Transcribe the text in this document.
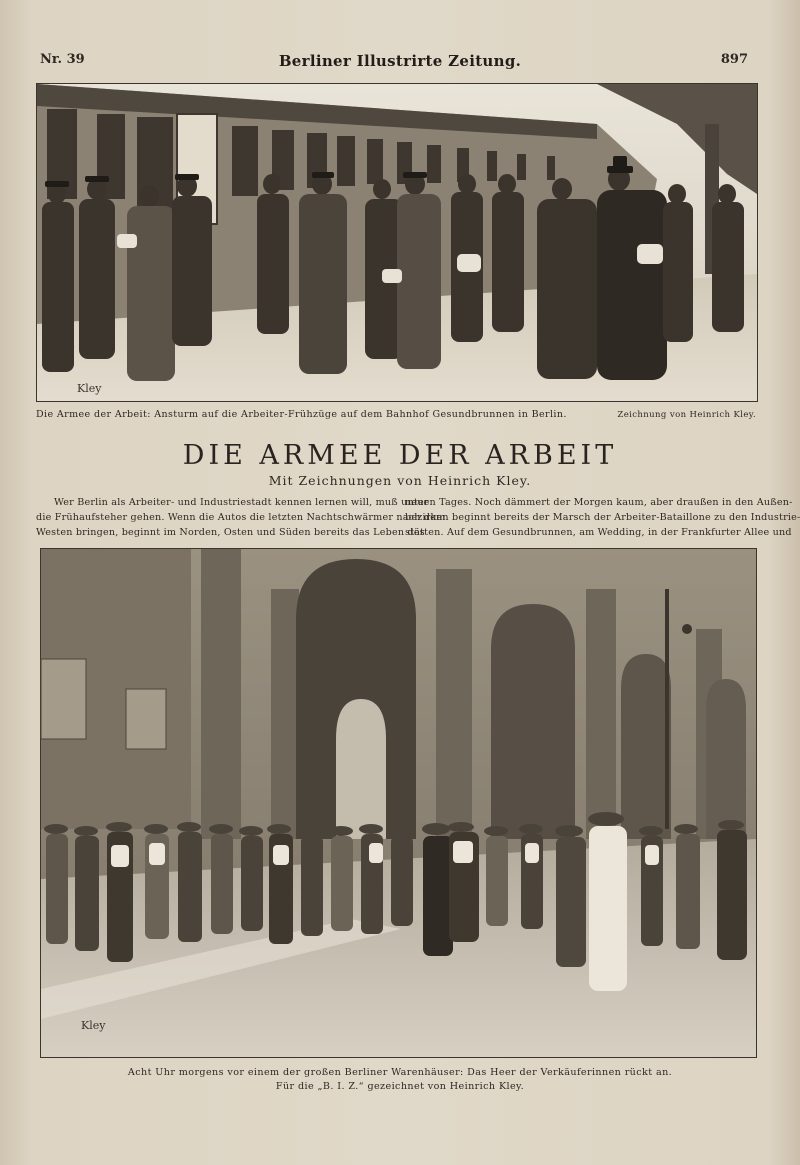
Nr. 39	Berliner Illustrirte Zeitung.	897
Kley
Die Armee der Arbeit: Ansturm auf die Arbeiter-Frühzüge auf dem Bahnhof Gesundbrunnen in Berlin.	Zeichnung von Heinrich Kley.
DIE ARMEE DER ARBEIT
Mit Zeichnungen von Heinrich Kley.
Wer Berlin als Arbeiter- und Industriestadt kennen lernen will, muß unter
die Frühaufsteher gehen. Wenn die Autos die letzten Nachtschwärmer nach dem
Westen bringen, beginnt im Norden, Osten und Süden bereits das Leben des
neuen Tages. Noch dämmert der Morgen kaum, aber draußen in den Außen-
bezirken beginnt bereits der Marsch der Arbeiter-Bataillone zu den Industrie-
stätten. Auf dem Gesundbrunnen, am Wedding, in der Frankfurter Allee und
Kley
Acht Uhr morgens vor einem der großen Berliner Warenhäuser: Das Heer der Verkäuferinnen rückt an.
Für die „B. I. Z.“ gezeichnet von Heinrich Kley.
